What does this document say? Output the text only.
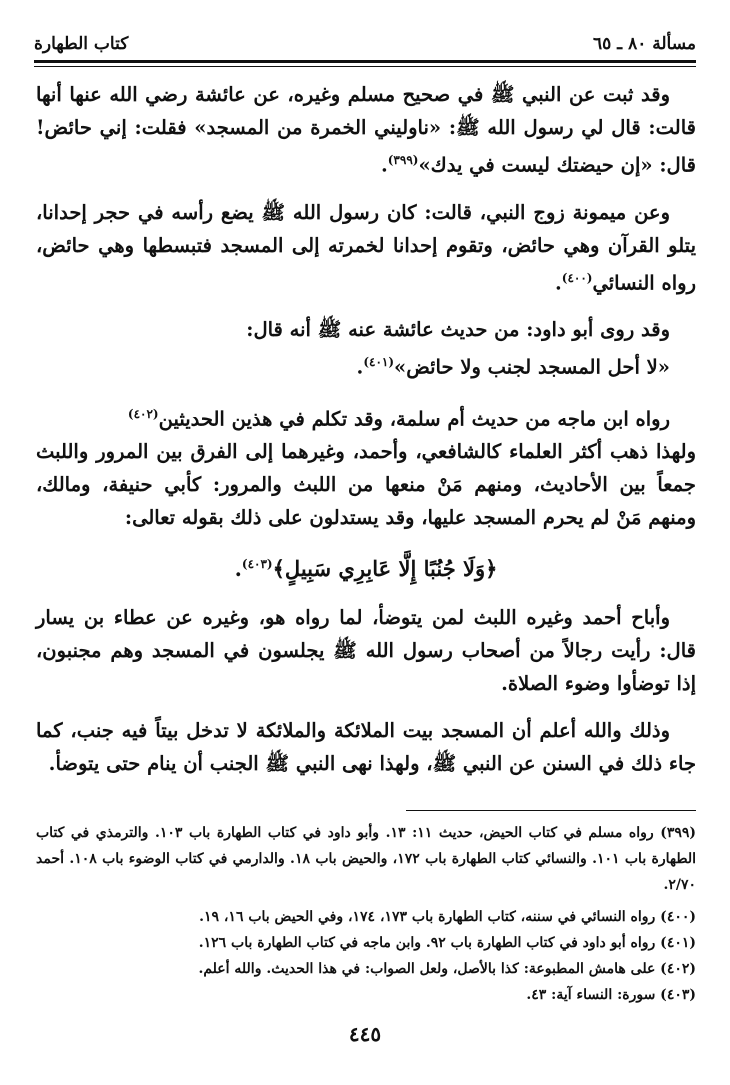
مسألة ٨٠ ـ ٦٥
كتاب الطهارة

وقد ثبت عن النبي ﷺ في صحيح مسلم وغيره، عن عائشة رضي الله عنها أنها قالت: قال لي رسول الله ﷺ: «ناوليني الخمرة من المسجد» فقلت: إني حائض! قال: «إن حيضتك ليست في يدك»$^{(٣٩٩)}$.

وعن ميمونة زوج النبي، قالت: كان رسول الله ﷺ يضع رأسه في حجر إحدانا، يتلو القرآن وهي حائض، وتقوم إحدانا لخمرته إلى المسجد فتبسطها وهي حائض، رواه النسائي$^{(٤٠٠)}$.

وقد روى أبو داود: من حديث عائشة عنه ﷺ أنه قال:

«لا أحل المسجد لجنب ولا حائض»$^{(٤٠١)}$.

رواه ابن ماجه من حديث أم سلمة، وقد تكلم في هذين الحديثين$^{(٤٠٢)}$

ولهذا ذهب أكثر العلماء كالشافعي، وأحمد، وغيرهما إلى الفرق بين المرور واللبث جمعاً بين الأحاديث، ومنهم مَنْ منعها من اللبث والمرور: كأبي حنيفة، ومالك، ومنهم مَنْ لم يحرم المسجد عليها، وقد يستدلون على ذلك بقوله تعالى:

﴿وَلَا جُنُبًا إِلَّا عَابِرِي سَبِيلٍ﴾$^{(٤٠٣)}$.

وأباح أحمد وغيره اللبث لمن يتوضأ، لما رواه هو، وغيره عن عطاء بن يسار قال: رأيت رجالاً من أصحاب رسول الله ﷺ يجلسون في المسجد وهم مجنبون، إذا توضأوا وضوء الصلاة.

وذلك والله أعلم أن المسجد بيت الملائكة والملائكة لا تدخل بيتاً فيه جنب، كما جاء ذلك في السنن عن النبي ﷺ، ولهذا نهى النبي ﷺ الجنب أن ينام حتى يتوضأ.

(٣٩٩) رواه مسلم في كتاب الحيض، حديث ١١: ١٣. وأبو داود في كتاب الطهارة باب ١٠٣. والترمذي في كتاب الطهارة باب ١٠١. والنسائي كتاب الطهارة باب ١٧٢، والحيض باب ١٨. والدارمي في كتاب الوضوء باب ١٠٨. أحمد ٢/٧٠.

(٤٠٠) رواه النسائي في سننه، كتاب الطهارة باب ١٧٣، ١٧٤، وفي الحيض باب ١٦، ١٩.

(٤٠١) رواه أبو داود في كتاب الطهارة باب ٩٢. وابن ماجه في كتاب الطهارة باب ١٢٦.

(٤٠٢) على هامش المطبوعة: كذا بالأصل، ولعل الصواب: في هذا الحديث. والله أعلم.

(٤٠٣) سورة: النساء آية: ٤٣.

٤٤٥
